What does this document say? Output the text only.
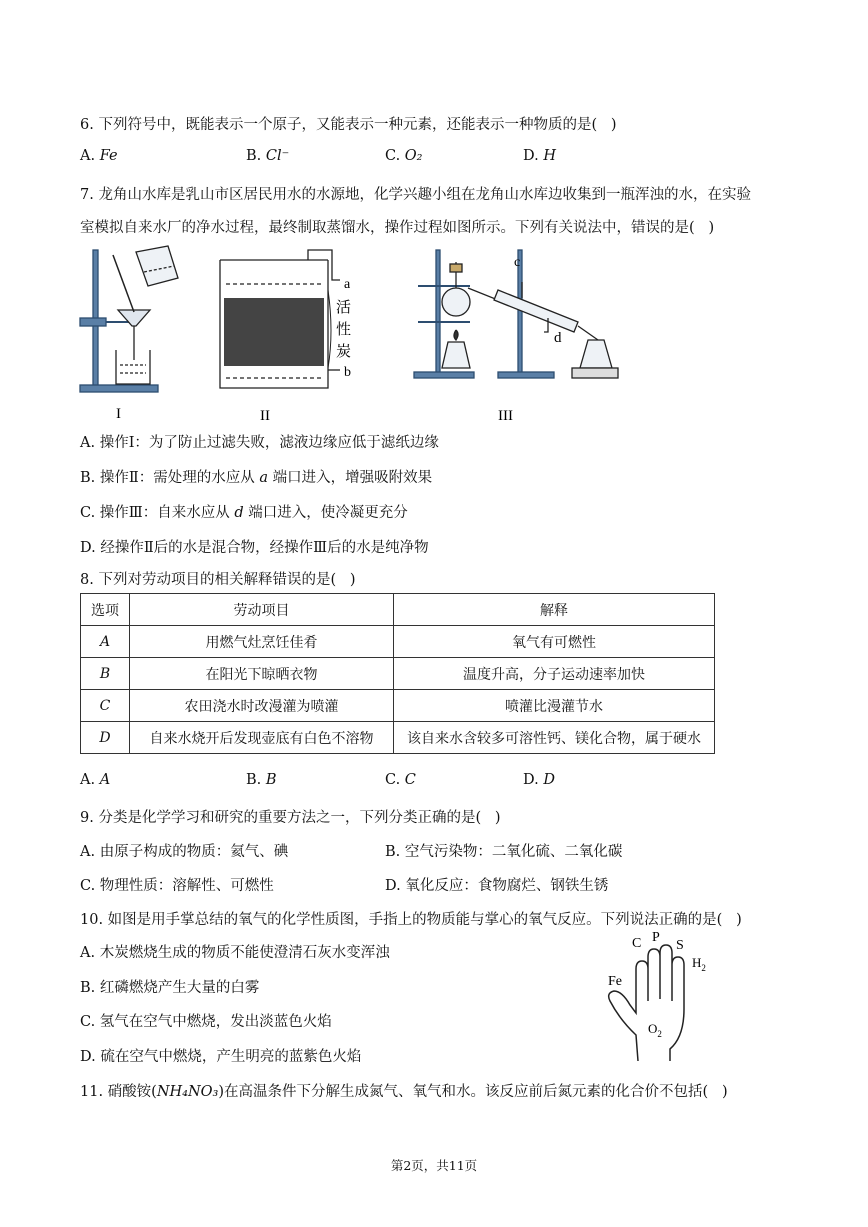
6. 下列符号中，既能表示一个原子，又能表示一种元素，还能表示一种物质的是(   )
A. Fe	B. Cl⁻	C. O₂	D. H
7. 龙角山水库是乳山市区居民用水的水源地，化学兴趣小组在龙角山水库边收集到一瓶浑浊的水，在实验
室模拟自来水厂的净水过程，最终制取蒸馏水，操作过程如图所示。下列有关说法中，错误的是(   )
I
a
活
性
炭
b
II
c
d
III
A. 操作Ⅰ：为了防止过滤失败，滤液边缘应低于滤纸边缘
B. 操作Ⅱ：需处理的水应从 a 端口进入，增强吸附效果
C. 操作Ⅲ：自来水应从 d 端口进入，使冷凝更充分
D. 经操作Ⅱ后的水是混合物，经操作Ⅲ后的水是纯净物
8. 下列对劳动项目的相关解释错误的是(   )
选项	劳动项目	解释
A	用燃气灶烹饪佳肴	氧气有可燃性
B	在阳光下晾晒衣物	温度升高，分子运动速率加快
C	农田浇水时改漫灌为喷灌	喷灌比漫灌节水
D	自来水烧开后发现壶底有白色不溶物	该自来水含较多可溶性钙、镁化合物，属于硬水
A. A	B. B	C. C	D. D
9. 分类是化学学习和研究的重要方法之一，下列分类正确的是(   )
A. 由原子构成的物质：氦气、碘	B. 空气污染物：二氧化硫、二氧化碳
C. 物理性质：溶解性、可燃性	D. 氧化反应：食物腐烂、钢铁生锈
10. 如图是用手掌总结的氧气的化学性质图，手指上的物质能与掌心的氧气反应。下列说法正确的是(   )
A. 木炭燃烧生成的物质不能使澄清石灰水变浑浊
B. 红磷燃烧产生大量的白雾
C. 氢气在空气中燃烧，发出淡蓝色火焰
D. 硫在空气中燃烧，产生明亮的蓝紫色火焰
Fe
C P
S
$H_2$
$O_2$
11. 硝酸铵(NH₄NO₃)在高温条件下分解生成氮气、氧气和水。该反应前后氮元素的化合价不包括(   )
第2页，共11页
